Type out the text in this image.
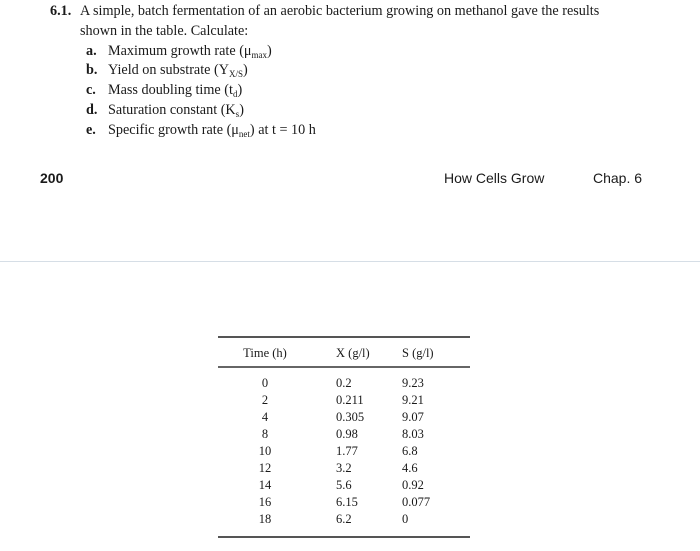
6.1. A simple, batch fermentation of an aerobic bacterium growing on methanol gave the results
shown in the table. Calculate:
a. Maximum growth rate $(\mu_{max})$
b. Yield on substrate $(Y_{X/S})$
c. Mass doubling time $(t_d)$
d. Saturation constant $(K_s)$
e. Specific growth rate $(\mu_{net})$ at t = 10 h
200	How Cells Grow	Chap. 6
Time (h)	X (g/l)	S (g/l)
0	0.2	9.23
2	0.211	9.21
4	0.305	9.07
8	0.98	8.03
10	1.77	6.8
12	3.2	4.6
14	5.6	0.92
16	6.15	0.077
18	6.2	0
